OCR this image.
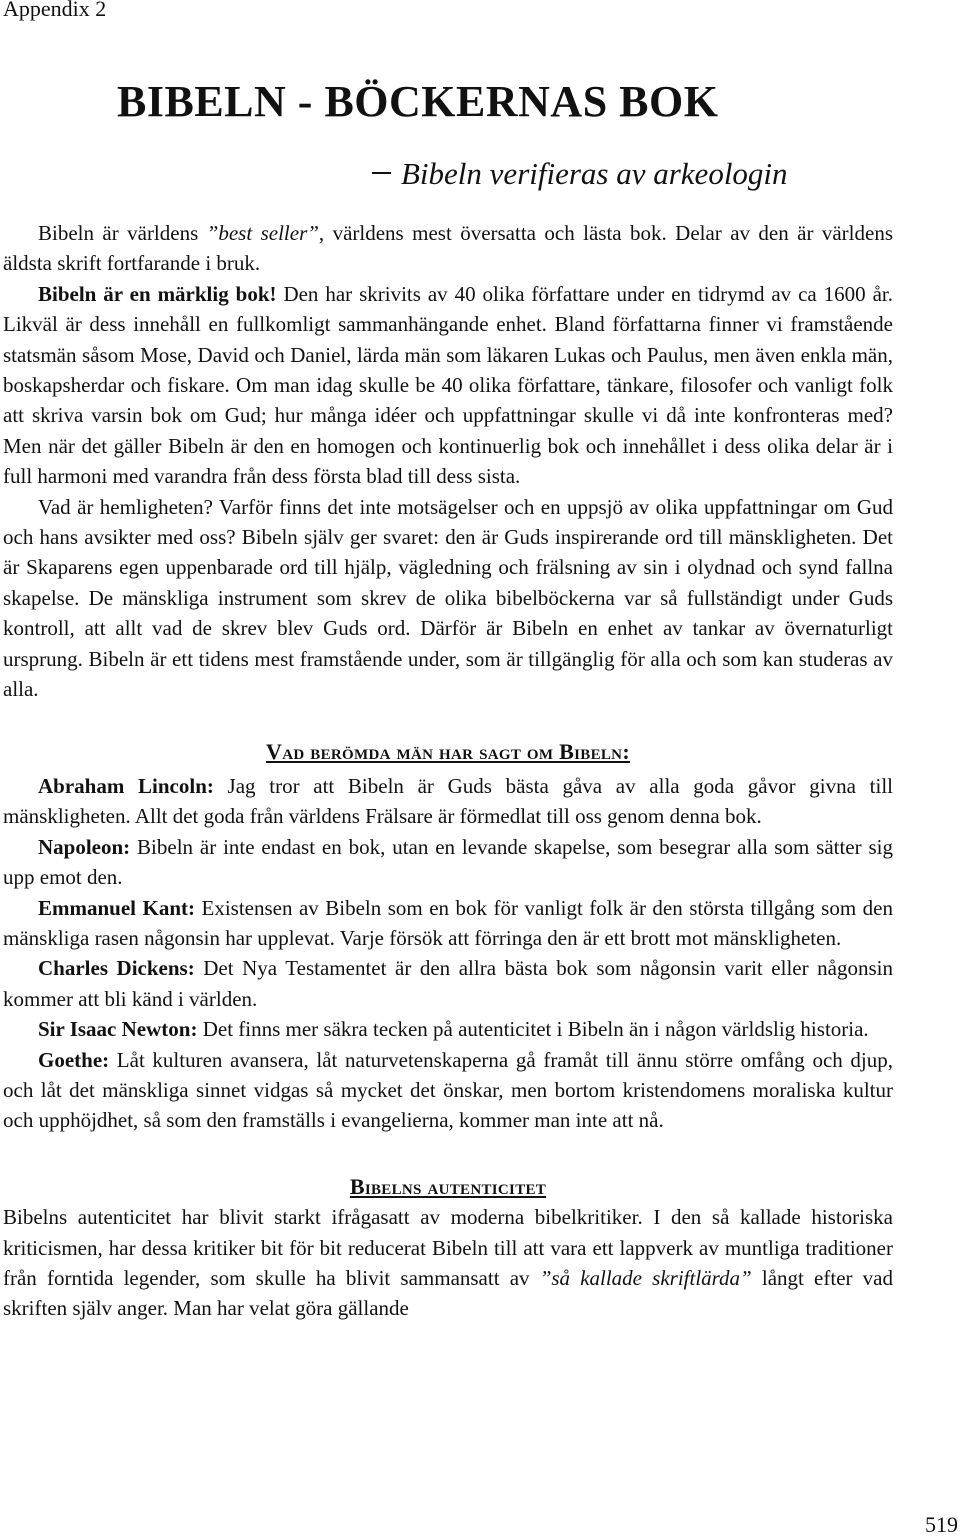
Appendix 2
BIBELN - BÖCKERNAS BOK
Bibeln verifieras av arkeologin

Bibeln är världens ”best seller”, världens mest översatta och lästa bok. Delar av den är världens äldsta skrift fortfarande i bruk.

Bibeln är en märklig bok! Den har skrivits av 40 olika författare under en tidrymd av ca 1600 år. Likväl är dess innehåll en fullkomligt sammanhängande enhet. Bland författarna finner vi framstående statsmän såsom Mose, David och Daniel, lärda män som läkaren Lukas och Paulus, men även enkla män, boskapsherdar och fiskare. Om man idag skulle be 40 olika författare, tänkare, filosofer och vanligt folk att skriva varsin bok om Gud; hur många idéer och uppfattningar skulle vi då inte konfronteras med? Men när det gäller Bibeln är den en homogen och kontinuerlig bok och innehållet i dess olika delar är i full harmoni med varandra från dess första blad till dess sista.

Vad är hemligheten? Varför finns det inte motsägelser och en uppsjö av olika uppfattningar om Gud och hans avsikter med oss? Bibeln själv ger svaret: den är Guds inspirerande ord till mänskligheten. Det är Skaparens egen uppenbarade ord till hjälp, vägledning och frälsning av sin i olydnad och synd fallna skapelse. De mänskliga instrument som skrev de olika bibelböckerna var så fullständigt under Guds kontroll, att allt vad de skrev blev Guds ord. Därför är Bibeln en enhet av tankar av övernaturligt ursprung. Bibeln är ett tidens mest framstående under, som är tillgänglig för alla och som kan studeras av alla.

Vad berömda män har sagt om Bibeln:

Abraham Lincoln: Jag tror att Bibeln är Guds bästa gåva av alla goda gåvor givna till mänskligheten. Allt det goda från världens Frälsare är förmedlat till oss genom denna bok.

Napoleon: Bibeln är inte endast en bok, utan en levande skapelse, som besegrar alla som sätter sig upp emot den.

Emmanuel Kant: Existensen av Bibeln som en bok för vanligt folk är den största tillgång som den mänskliga rasen någonsin har upplevat. Varje försök att förringa den är ett brott mot mänskligheten.

Charles Dickens: Det Nya Testamentet är den allra bästa bok som någonsin varit eller någonsin kommer att bli känd i världen.

Sir Isaac Newton: Det finns mer säkra tecken på autenticitet i Bibeln än i någon världslig historia.

Goethe: Låt kulturen avansera, låt naturvetenskaperna gå framåt till ännu större omfång och djup, och låt det mänskliga sinnet vidgas så mycket det önskar, men bortom kristendomens moraliska kultur och upphöjdhet, så som den framställs i evangelierna, kommer man inte att nå.

Bibelns autenticitet

Bibelns autenticitet har blivit starkt ifrågasatt av moderna bibelkritiker. I den så kallade historiska kriticismen, har dessa kritiker bit för bit reducerat Bibeln till att vara ett lappverk av muntliga traditioner från forntida legender, som skulle ha blivit sammansatt av ”så kallade skriftlärda” långt efter vad skriften själv anger. Man har velat göra gällande

519
